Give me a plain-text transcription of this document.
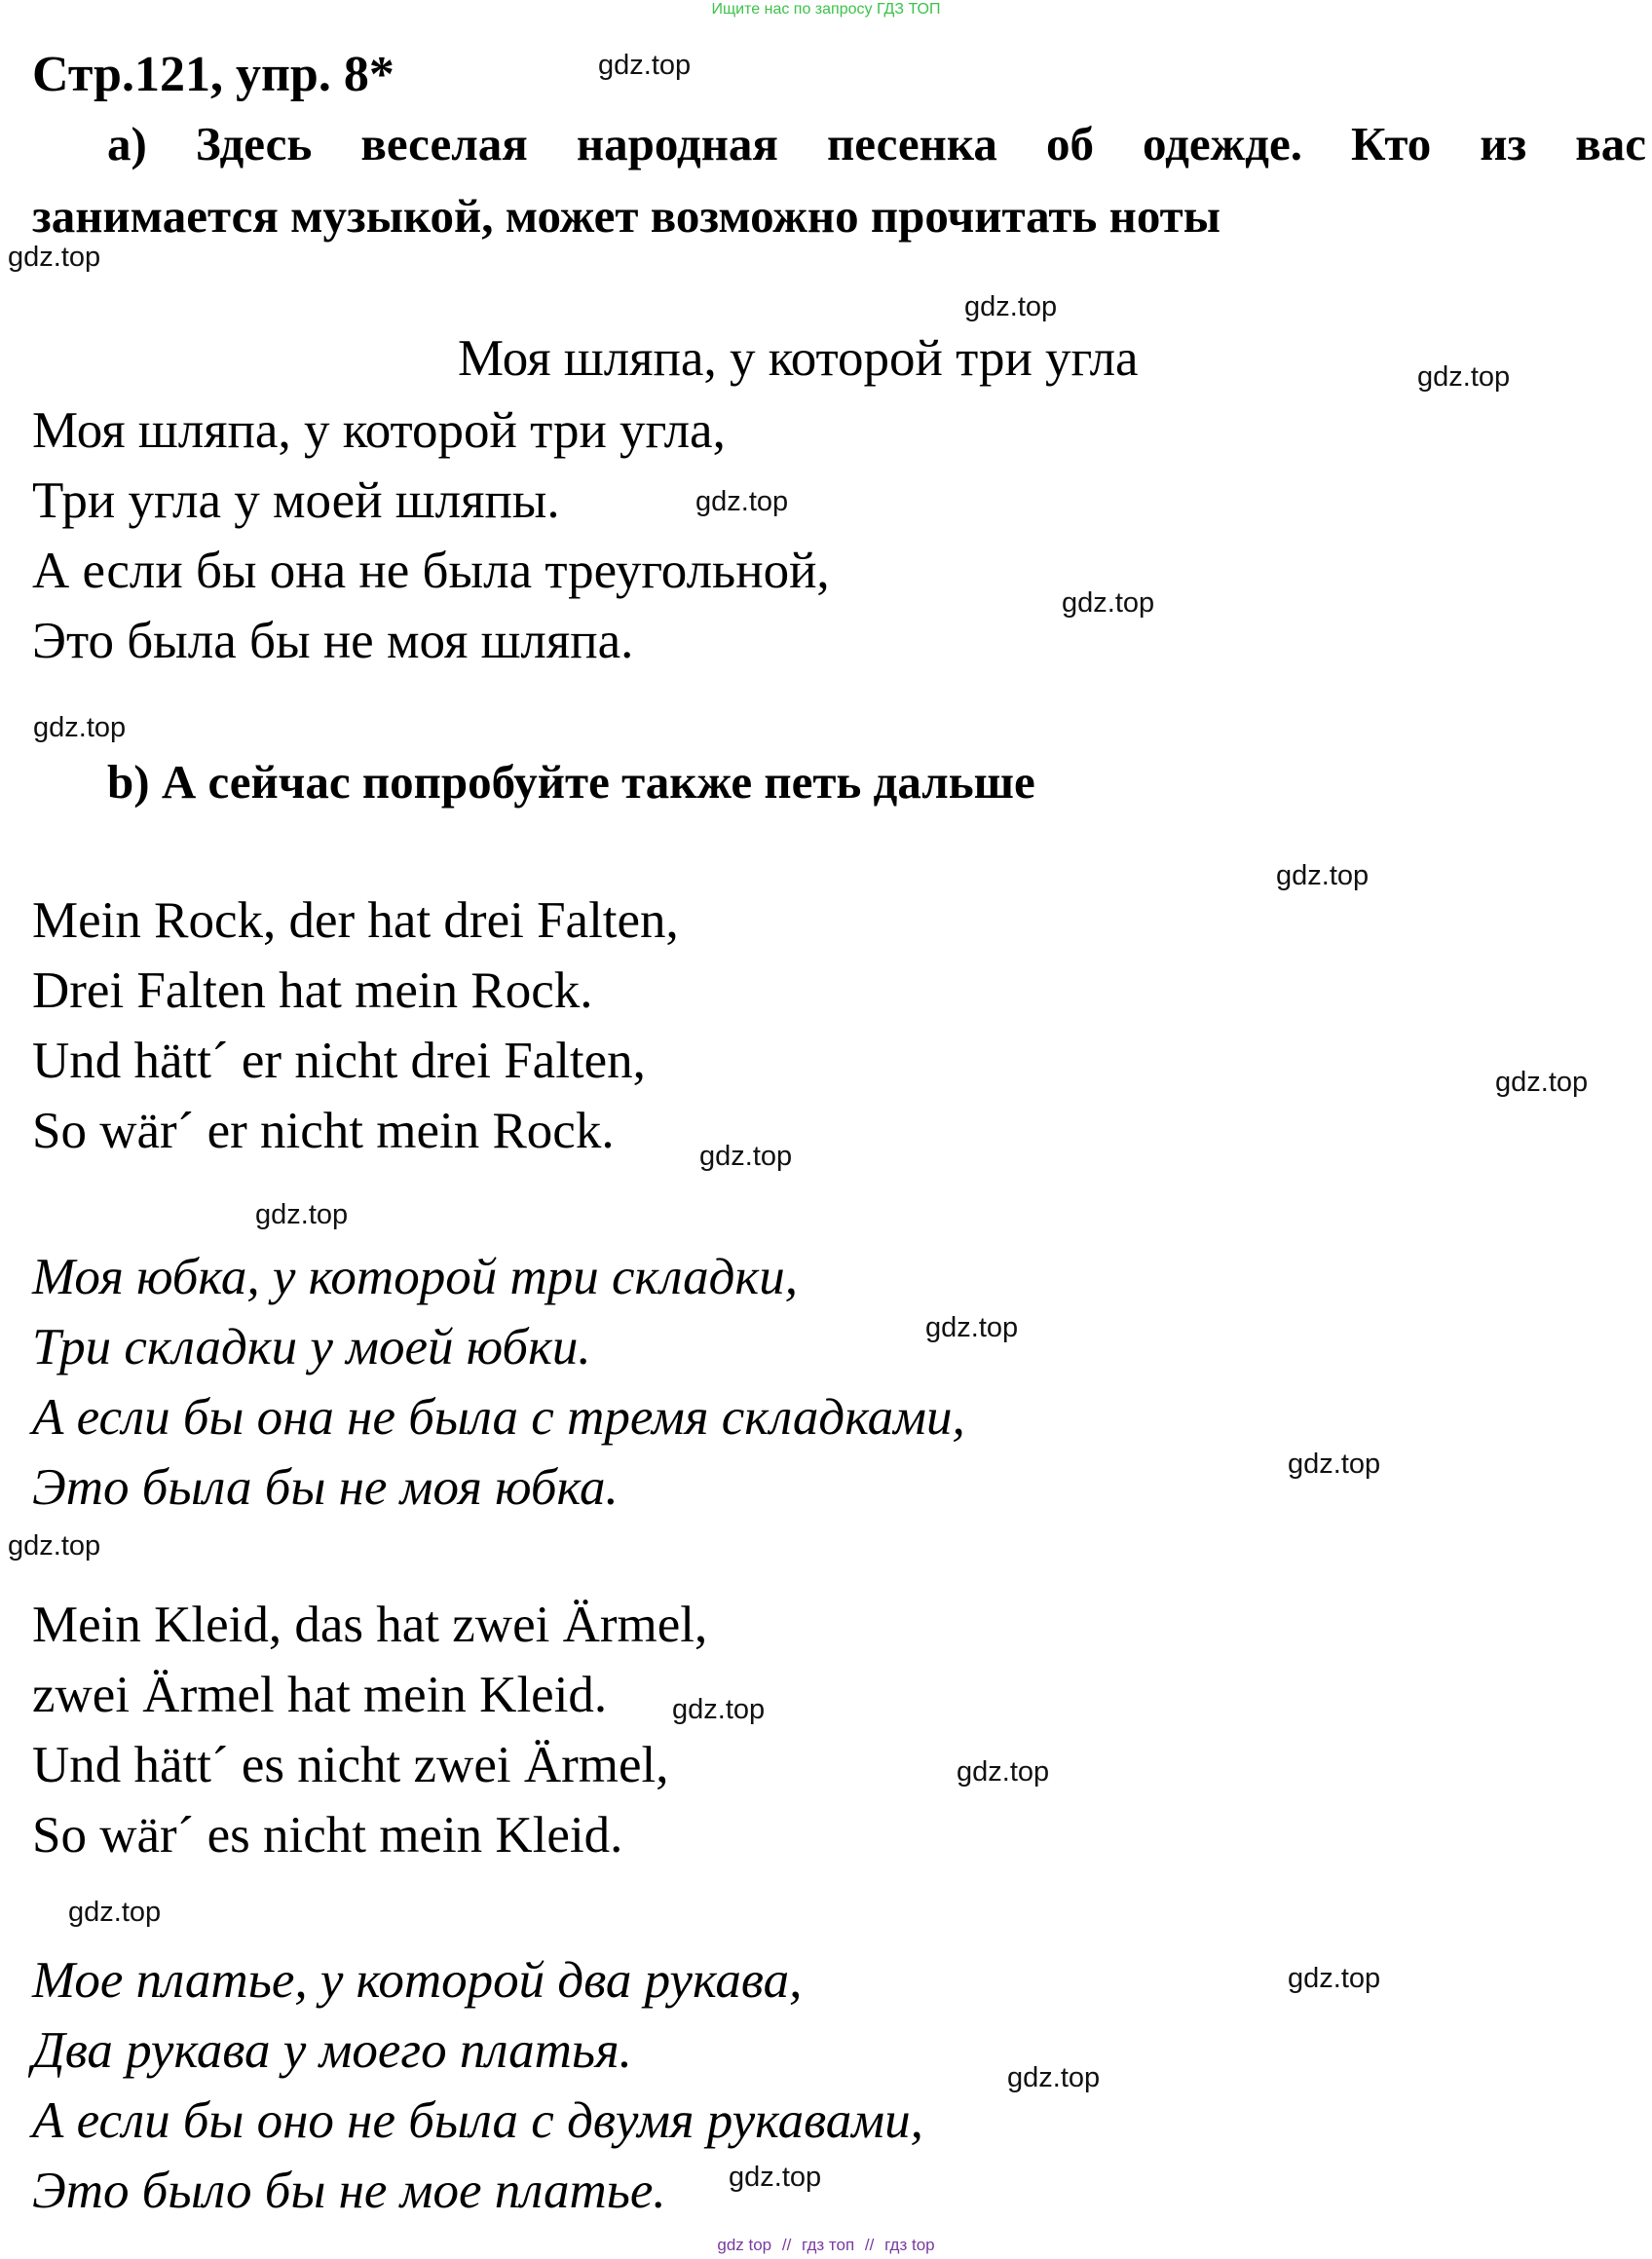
Ищите нас по запросу ГДЗ ТОП
Стр.121, упр. 8*
a) Здесь веселая народная песенка об одежде. Кто из вас
занимается музыкой, может возможно прочитать ноты
Моя шляпа, у которой три угла
Моя шляпа, у которой три угла,
Три угла у моей шляпы.
А если бы она не была треугольной,
Это была бы не моя шляпа.
b) А сейчас попробуйте также петь дальше
Mein Rock, der hat drei Falten,
Drei Falten hat mein Rock.
Und hätt´ er nicht drei Falten,
So wär´ er nicht mein Rock.
Моя юбка, у которой три складки,
Три складки у моей юбки.
А если бы она не была с тремя складками,
Это была бы не моя юбка.
Mein Kleid, das hat zwei Ärmel,
zwei Ärmel hat mein Kleid.
Und hätt´ es nicht zwei Ärmel,
So wär´ es nicht mein Kleid.
Мое платье, у которой два рукава,
Два рукава у моего платья.
А если бы оно не была с двумя рукавами,
Это было бы не мое платье.
gdz.top
gdz.top
gdz.top
gdz.top
gdz.top
gdz.top
gdz.top
gdz.top
gdz.top
gdz.top
gdz.top
gdz.top
gdz.top
gdz.top
gdz.top
gdz.top
gdz.top
gdz.top
gdz.top
gdz.top
gdz top // гдз топ // гдз top
